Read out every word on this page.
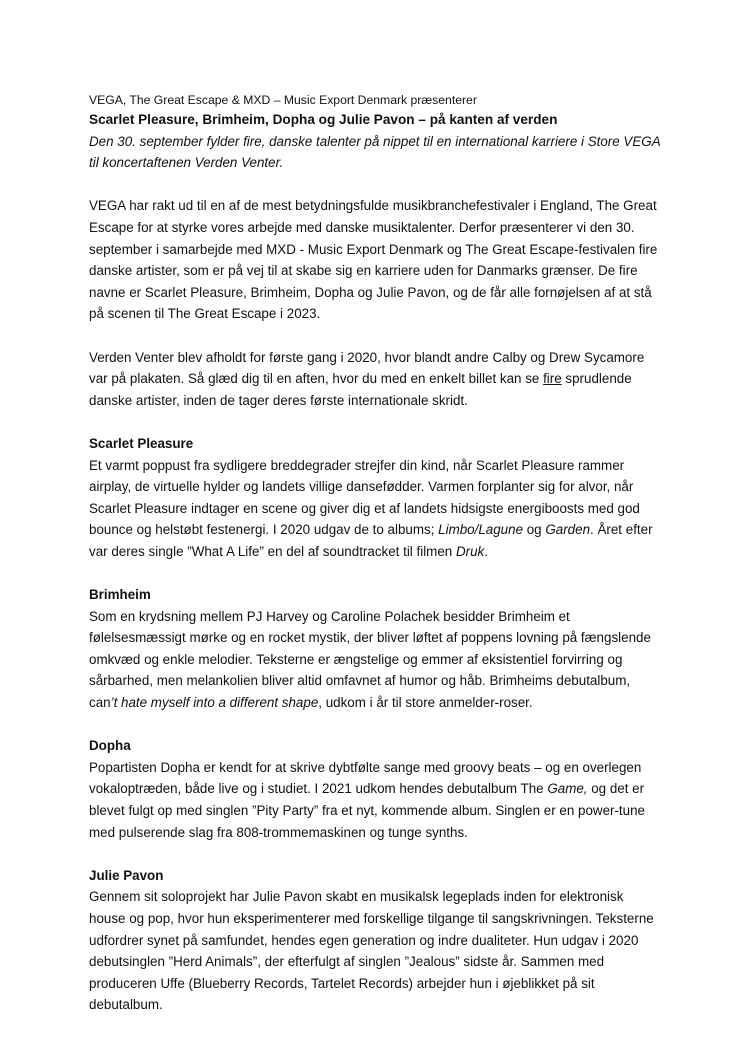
VEGA, The Great Escape & MXD – Music Export Denmark præsenterer
Scarlet Pleasure, Brimheim, Dopha og Julie Pavon – på kanten af verden

Den 30. september fylder fire, danske talenter på nippet til en international karriere i Store VEGA til koncertaftenen Verden Venter.

VEGA har rakt ud til en af de mest betydningsfulde musikbranchefestivaler i England, The Great Escape for at styrke vores arbejde med danske musiktalenter. Derfor præsenterer vi den 30. september i samarbejde med MXD - Music Export Denmark og The Great Escape-festivalen fire danske artister, som er på vej til at skabe sig en karriere uden for Danmarks grænser. De fire navne er Scarlet Pleasure, Brimheim, Dopha og Julie Pavon, og de får alle fornøjelsen af at stå på scenen til The Great Escape i 2023.

Verden Venter blev afholdt for første gang i 2020, hvor blandt andre Calby og Drew Sycamore var på plakaten. Så glæd dig til en aften, hvor du med en enkelt billet kan se fire sprudlende danske artister, inden de tager deres første internationale skridt.

Scarlet Pleasure

Et varmt poppust fra sydligere breddegrader strejfer din kind, når Scarlet Pleasure rammer airplay, de virtuelle hylder og landets villige dansefødder. Varmen forplanter sig for alvor, når Scarlet Pleasure indtager en scene og giver dig et af landets hidsigste energiboosts med god bounce og helstøbt festenergi. I 2020 udgav de to albums; Limbo/Lagune og Garden. Året efter var deres single ”What A Life” en del af soundtracket til filmen Druk.

Brimheim

Som en krydsning mellem PJ Harvey og Caroline Polachek besidder Brimheim et følelsesmæssigt mørke og en rocket mystik, der bliver løftet af poppens lovning på fængslende omkvæd og enkle melodier. Teksterne er ængstelige og emmer af eksistentiel forvirring og sårbarhed, men melankolien bliver altid omfavnet af humor og håb. Brimheims debutalbum, can’t hate myself into a different shape, udkom i år til store anmelder-roser.

Dopha

Popartisten Dopha er kendt for at skrive dybtfølte sange med groovy beats – og en overlegen vokaloptræden, både live og i studiet. I 2021 udkom hendes debutalbum The Game, og det er blevet fulgt op med singlen ”Pity Party” fra et nyt, kommende album. Singlen er en power-tune med pulserende slag fra 808-trommemaskinen og tunge synths.

Julie Pavon

Gennem sit soloprojekt har Julie Pavon skabt en musikalsk legeplads inden for elektronisk house og pop, hvor hun eksperimenterer med forskellige tilgange til sangskrivningen. Teksterne udfordrer synet på samfundet, hendes egen generation og indre dualiteter. Hun udgav i 2020 debutsinglen ”Herd Animals”, der efterfulgt af singlen ”Jealous” sidste år. Sammen med produceren Uffe (Blueberry Records, Tartelet Records) arbejder hun i øjeblikket på sit debutalbum.
